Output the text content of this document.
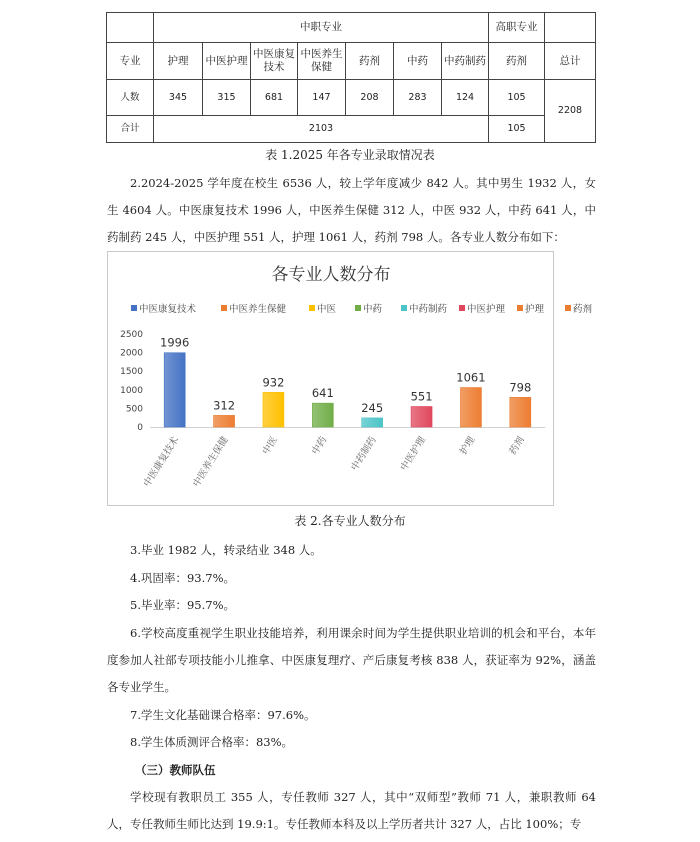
	中职专业							高职专业	
专业	护理	中医护理	中医康复技术	中医养生保健	药剂	中药	中药制药	药剂	总计
人数	345	315	681	147	208	283	124	105	2208
合计	2103							105	
表 1.2025 年各专业录取情况表
2.2024-2025 学年度在校生 6536 人，较上学年度减少 842 人。其中男生 1932 人，女生 4604 人。中医康复技术 1996 人，中医养生保健 312 人，中医 932 人，中药 641 人，中药制药 245 人，中医护理 551 人，护理 1061 人，药剂 798 人。各专业人数分布如下：
各专业人数分布
中医康复技术	中医养生保健	中医	中药	中药制药 中医护理 护理	药剂
0
500
1000
1500
2000
2500
1996
312
932
641
245
551
1061
798
中医康复技术 中医养生保健	中医	中药 中药制药 中医护理	护理	药剂
表 2.各专业人数分布
3.毕业 1982 人，转录结业 348 人。
4.巩固率：93.7%。
5.毕业率：95.7%。
6.学校高度重视学生职业技能培养，利用课余时间为学生提供职业培训的机会和平台，本年度参加人社部专项技能小儿推拿、中医康复理疗、产后康复考核 838 人，获证率为 92%，涵盖各专业学生。
7.学生文化基础课合格率：97.6%。
8.学生体质测评合格率：83%。
（三）教师队伍
学校现有教职员工 355 人，专任教师 327 人，其中“双师型”教师 71 人，兼职教师 64 人，专任教师生师比达到 19.9:1。专任教师本科及以上学历者共计 327 人，占比 100%；专
